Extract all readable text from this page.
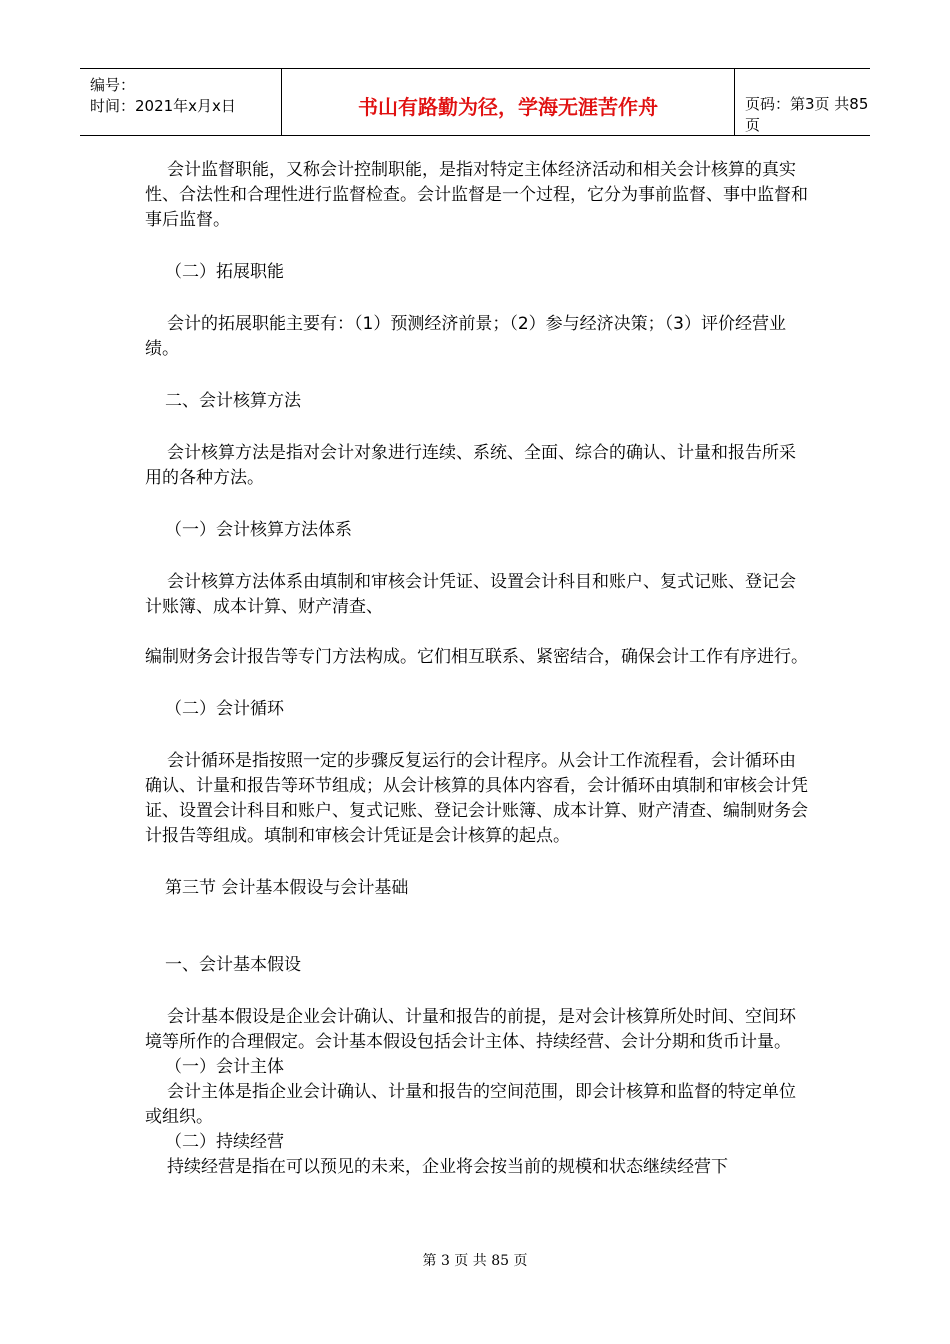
编号：
时间：2021年x月x日	书山有路勤为径，学海无涯苦作舟	页码：第3页 共85页

会计监督职能，又称会计控制职能，是指对特定主体经济活动和相关会计核算的真实性、合法性和合理性进行监督检查。会计监督是一个过程，它分为事前监督、事中监督和事后监督。

（二）拓展职能

会计的拓展职能主要有：（1）预测经济前景；（2）参与经济决策；（3）评价经营业绩。

二、会计核算方法

会计核算方法是指对会计对象进行连续、系统、全面、综合的确认、计量和报告所采用的各种方法。

（一）会计核算方法体系

会计核算方法体系由填制和审核会计凭证、设置会计科目和账户、复式记账、登记会计账簿、成本计算、财产清查、

编制财务会计报告等专门方法构成。它们相互联系、紧密结合，确保会计工作有序进行。

（二）会计循环

会计循环是指按照一定的步骤反复运行的会计程序。从会计工作流程看，会计循环由确认、计量和报告等环节组成；从会计核算的具体内容看，会计循环由填制和审核会计凭证、设置会计科目和账户、复式记账、登记会计账簿、成本计算、财产清查、编制财务会计报告等组成。填制和审核会计凭证是会计核算的起点。

第三节 会计基本假设与会计基础

一、会计基本假设

会计基本假设是企业会计确认、计量和报告的前提，是对会计核算所处时间、空间环境等所作的合理假定。会计基本假设包括会计主体、持续经营、会计分期和货币计量。

（一）会计主体

会计主体是指企业会计确认、计量和报告的空间范围，即会计核算和监督的特定单位或组织。

（二）持续经营

持续经营是指在可以预见的未来，企业将会按当前的规模和状态继续经营下

第 3 页 共 85 页
